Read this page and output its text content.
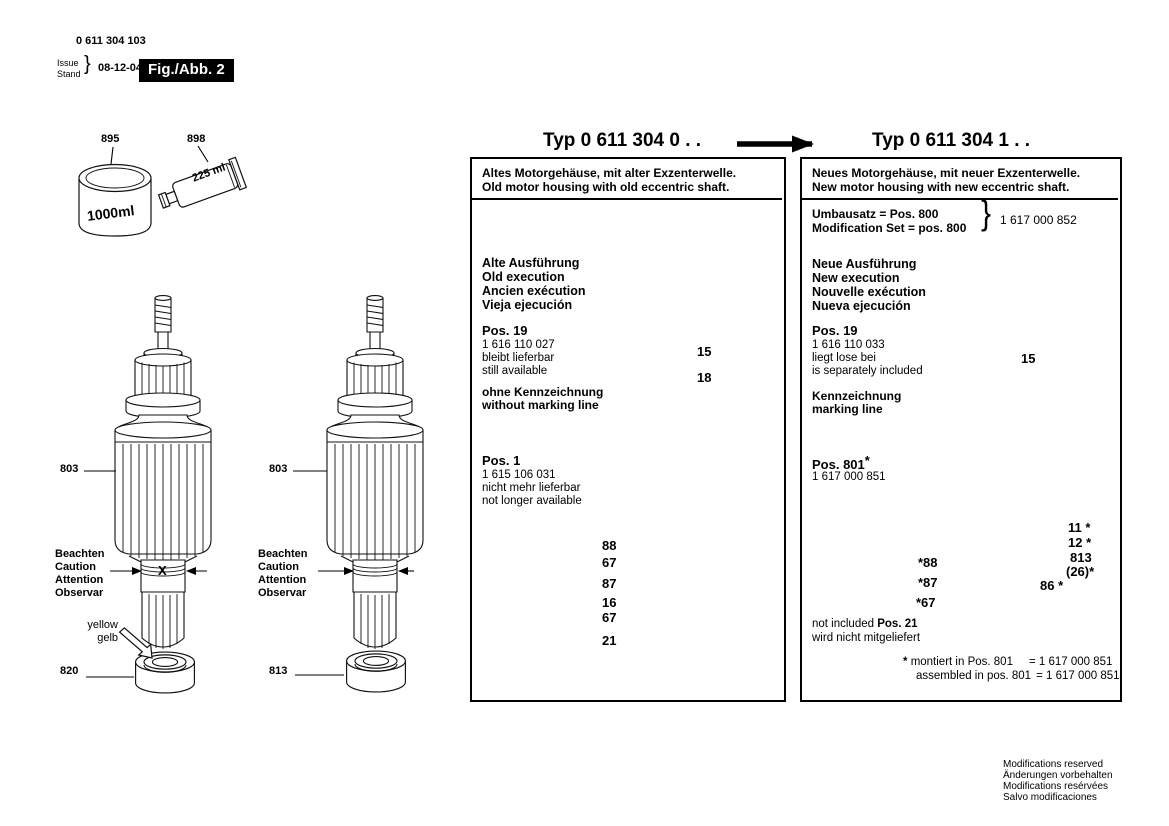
0 611 304 103
Issue
Stand } 08-12-04 Fig./Abb. 2
895	898
1000ml
225 ml
803	803
Beachten
Caution
Attention
Observar
Beachten
Caution
Attention
Observar
X
yellow
gelb
820	813
Typ 0 611 304 0 . .	Typ 0 611 304 1 . .
Altes Motorgehäuse, mit alter Exzenterwelle.
Old motor housing with old eccentric shaft.
Alte Ausführung
Old execution
Ancien exécution
Vieja ejecución
Pos. 19
1 616 110 027
bleibt lieferbar
still available
ohne Kennzeichnung
without marking line
Pos. 1
1 615 106 031
nicht mehr lieferbar
not longer available
15
18
88
67
87
16
67
21
Neues Motorgehäuse, mit neuer Exzenterwelle.
New motor housing with new eccentric shaft.
Umbausatz = Pos. 800
Modification Set = pos. 800 } 1 617 000 852
Neue Ausführung
New execution
Nouvelle exécution
Nueva ejecución
Pos. 19
1 616 110 033
liegt lose bei
is separately included
Kennzeichnung
marking line
Pos. 801*
1 617 000 851
15
*88
*87
*67
11 *
12 *
813
(26)*
86 *
not included Pos. 21
wird nicht mitgeliefert
* montiert in Pos. 801 = 1 617 000 851
assembled in pos. 801 = 1 617 000 851
Modifications reserved
Änderungen vorbehalten
Modifications resérvées
Salvo modificaciones
